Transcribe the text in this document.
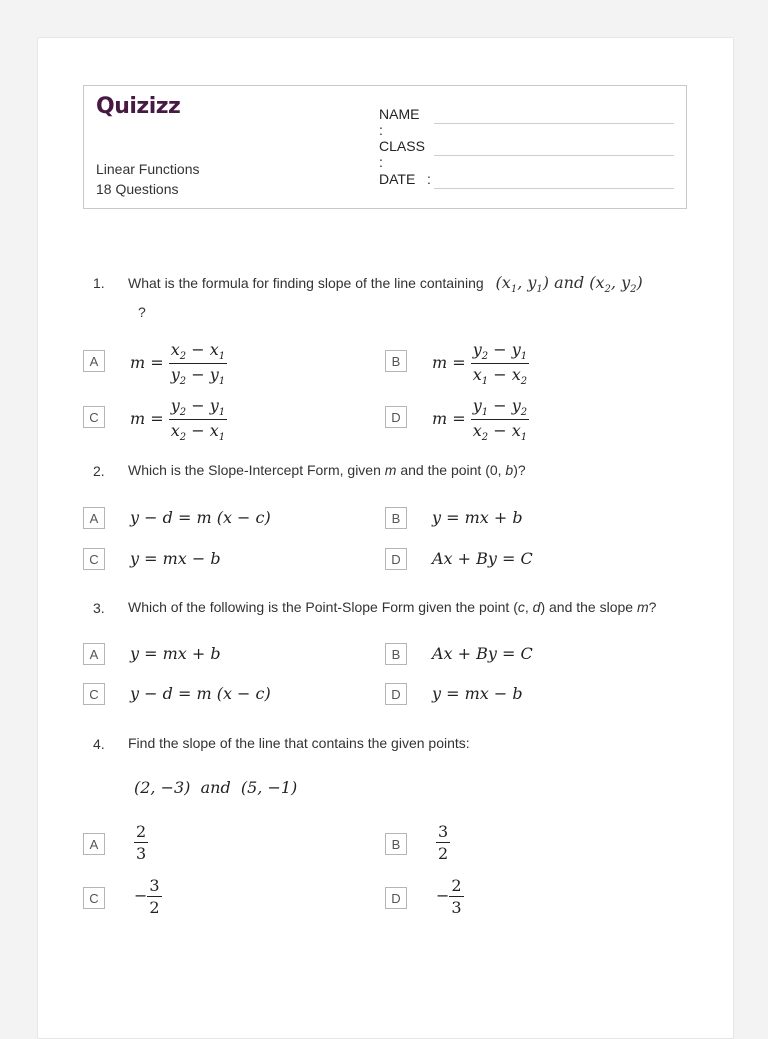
Quizizz
Linear Functions
18 Questions
NAME :
CLASS :
DATE   :
1. What is the formula for finding slope of the line containing ($x_1$, $y_1$) and ($x_2$, $y_2$)
?
A	$m = \frac{x_2 - x_1}{y_2 - y_1}$	B	$m = \frac{y_2 - y_1}{x_1 - x_2}$
C	$m = \frac{y_2 - y_1}{x_2 - x_1}$	D	$m = \frac{y_1 - y_2}{x_2 - x_1}$
2. Which is the Slope-Intercept Form, given m and the point (0, b)?
A	y − d = m (x − c)	B	y = mx + b
C	y = mx − b	D	Ax + By = C
3. Which of the following is the Point-Slope Form given the point (c, d) and the slope m?
A	y = mx + b	B	Ax + By = C
C	y − d = m (x − c)	D	y = mx − b
4. Find the slope of the line that contains the given points:
(2, −3)  and  (5, −1)
A	$\frac{2}{3}$	B	$\frac{3}{2}$
C	− $\frac{3}{2}$	D	− $\frac{2}{3}$
